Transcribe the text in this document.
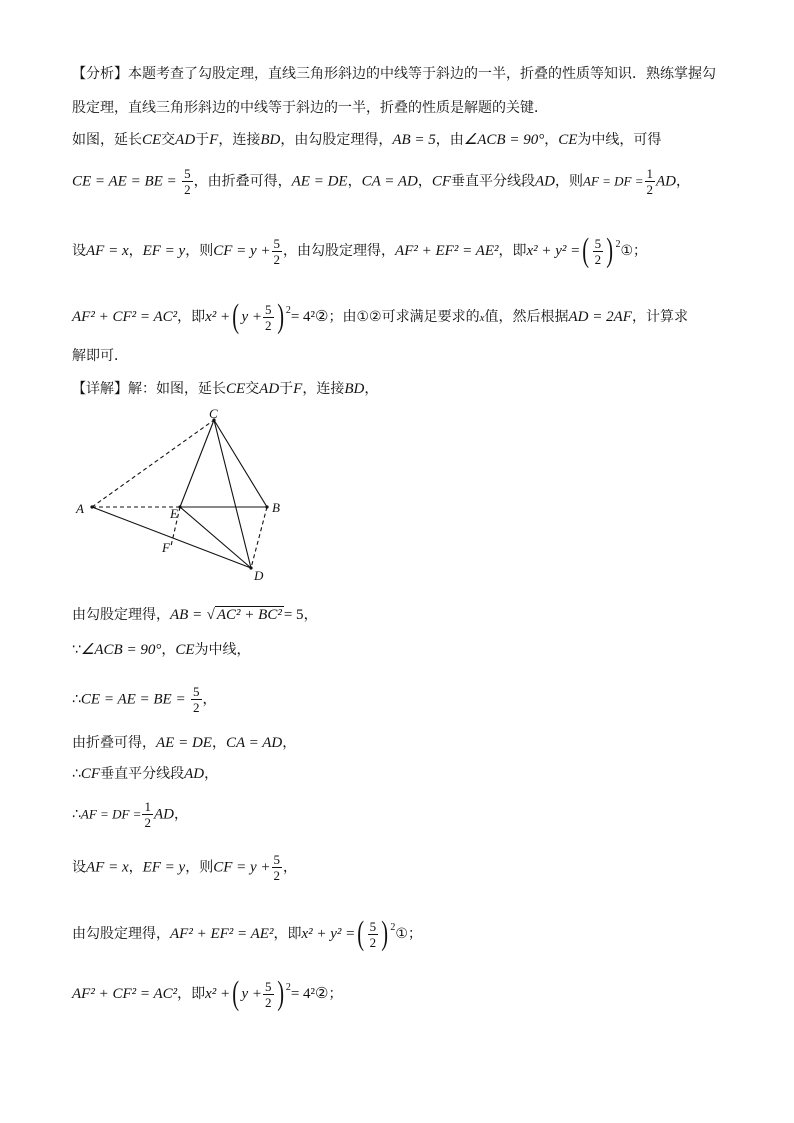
【分析】本题考查了勾股定理，直线三角形斜边的中线等于斜边的一半，折叠的性质等知识．熟练掌握勾
股定理，直线三角形斜边的中线等于斜边的一半，折叠的性质是解题的关键．
如图，延长CE交AD于F，连接BD，由勾股定理得，AB = 5，由∠ACB = 90°，CE为中线，可得
CE = AE = BE = $\frac{5}{2}$ ，由折叠可得，AE = DE，CA = AD，CF垂直平分线段AD，则AF = DF = $\frac{1}{2}$ AD，
设AF = x，EF = y，则CF = $y + \frac{5}{2}$ ，由勾股定理得，AF² + EF² = AE²，即x² + y² =( $\frac{5}{2}$ ) $^2$①；
AF² + CF² = AC²，即x² +( $y + \frac{5}{2}$ ) $^2$= 4²②；由①②可求满足要求的x值，然后根据AD = 2AF，计算求
解即可．
【详解】解：如图，延长CE交AD于F，连接BD，
C
A	E	B
F
D
由勾股定理得，AB = √ AC² + BC² = 5，
∵∠ACB = 90°，CE为中线，
∴CE = AE = BE = $\frac{5}{2}$ ，
由折叠可得，AE = DE，CA = AD，
∴CF垂直平分线段AD，
∴AF = DF = $\frac{1}{2}$ AD，
设AF = x，EF = y，则CF = $y + \frac{5}{2}$ ，
由勾股定理得，AF² + EF² = AE²，即x² + y² =( $\frac{5}{2}$ ) $^2$①；
AF² + CF² = AC²，即x² +( $y + \frac{5}{2}$ ) $^2$= 4²②；
